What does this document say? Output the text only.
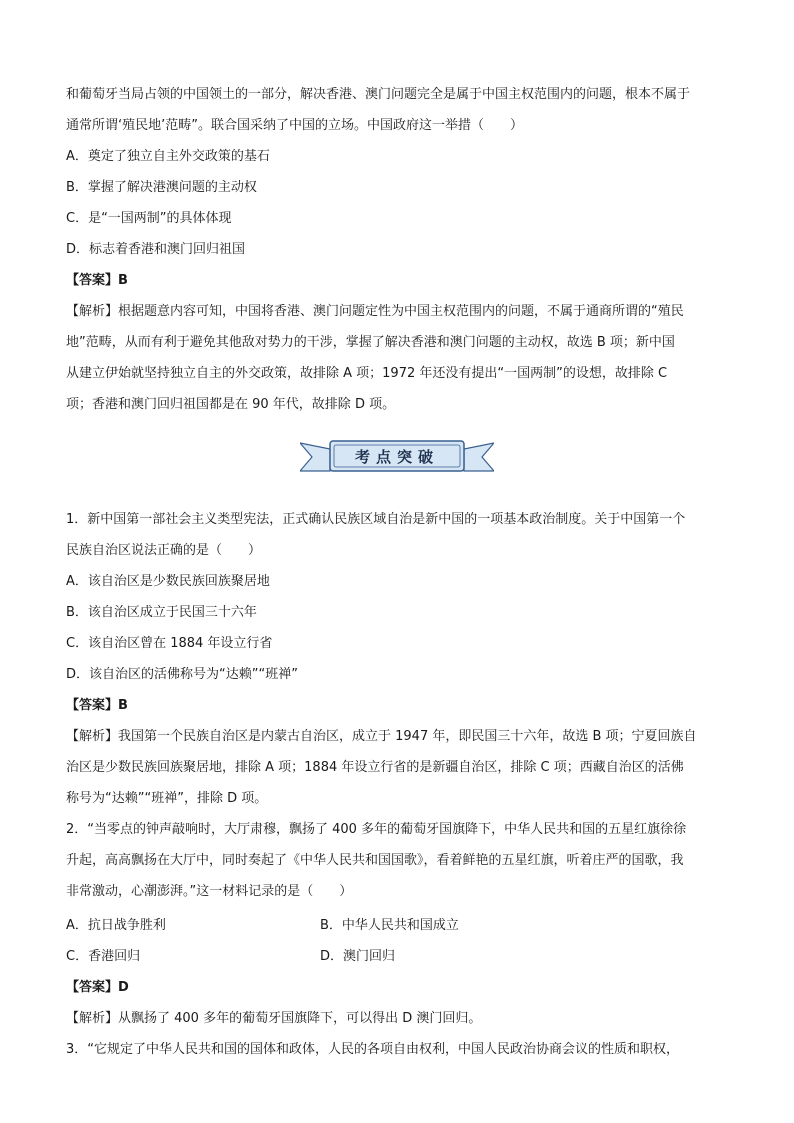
和葡萄牙当局占领的中国领土的一部分，解决香港、澳门问题完全是属于中国主权范围内的问题，根本不属于
通常所谓‘殖民地’范畴”。联合国采纳了中国的立场。中国政府这一举措（　　）
A．奠定了独立自主外交政策的基石
B．掌握了解决港澳问题的主动权
C．是“一国两制”的具体体现
D．标志着香港和澳门回归祖国
【答案】B
【解析】根据题意内容可知，中国将香港、澳门问题定性为中国主权范围内的问题，不属于通商所谓的“殖民
地”范畴，从而有利于避免其他敌对势力的干涉，掌握了解决香港和澳门问题的主动权，故选 B 项；新中国
从建立伊始就坚持独立自主的外交政策，故排除 A 项；1972 年还没有提出“一国两制”的设想，故排除 C
项；香港和澳门回归祖国都是在 90 年代，故排除 D 项。
考点突破
1．新中国第一部社会主义类型宪法，正式确认民族区域自治是新中国的一项基本政治制度。关于中国第一个
民族自治区说法正确的是（　　）
A．该自治区是少数民族回族聚居地
B．该自治区成立于民国三十六年
C．该自治区曾在 1884 年设立行省
D．该自治区的活佛称号为“达赖”“班禅”
【答案】B
【解析】我国第一个民族自治区是内蒙古自治区，成立于 1947 年，即民国三十六年，故选 B 项；宁夏回族自
治区是少数民族回族聚居地，排除 A 项；1884 年设立行省的是新疆自治区，排除 C 项；西藏自治区的活佛
称号为“达赖”“班禅”，排除 D 项。
2．“当零点的钟声敲响时，大厅肃穆，飘扬了 400 多年的葡萄牙国旗降下，中华人民共和国的五星红旗徐徐
升起，高高飘扬在大厅中，同时奏起了《中华人民共和国国歌》，看着鲜艳的五星红旗，听着庄严的国歌，我
非常激动，心潮澎湃。”这一材料记录的是（　　）
A．抗日战争胜利	B．中华人民共和国成立
C．香港回归	D．澳门回归
【答案】D
【解析】从飘扬了 400 多年的葡萄牙国旗降下，可以得出 D 澳门回归。
3．“它规定了中华人民共和国的国体和政体，人民的各项自由权利，中国人民政治协商会议的性质和职权，
